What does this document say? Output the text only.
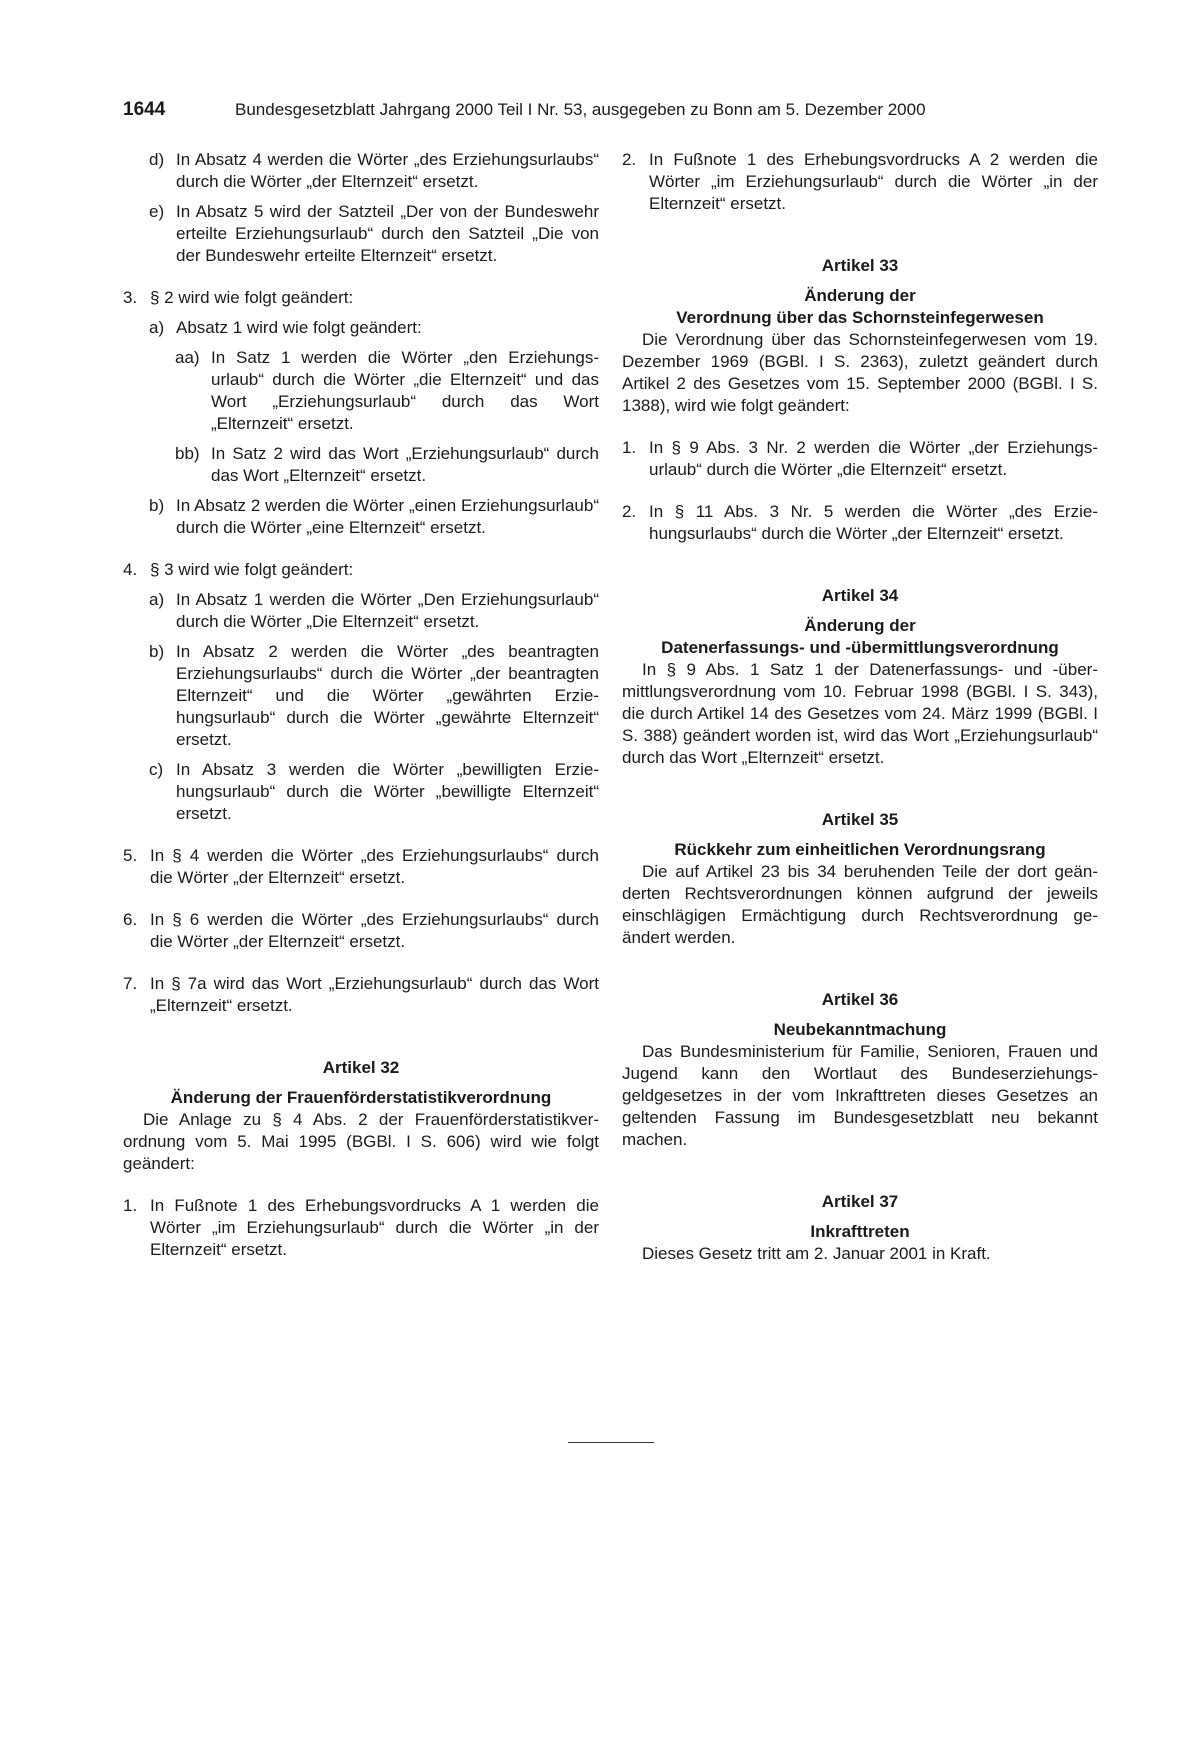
1644	Bundesgesetzblatt Jahrgang 2000 Teil I Nr. 53, ausgegeben zu Bonn am 5. Dezember 2000
d) In Absatz 4 werden die Wörter „des Erziehungsurlaubs“ durch die Wörter „der Elternzeit“ ersetzt.
e) In Absatz 5 wird der Satzteil „Der von der Bundeswehr erteilte Erziehungsurlaub“ durch den Satzteil „Die von der Bundeswehr erteilte Elternzeit“ ersetzt.
3. § 2 wird wie folgt geändert:
a) Absatz 1 wird wie folgt geändert:
aa) In Satz 1 werden die Wörter „den Erziehungsurlaub“ durch die Wörter „die Elternzeit“ und das Wort „Erziehungsurlaub“ durch das Wort „Elternzeit“ ersetzt.
bb) In Satz 2 wird das Wort „Erziehungsurlaub“ durch das Wort „Elternzeit“ ersetzt.
b) In Absatz 2 werden die Wörter „einen Erziehungsurlaub“ durch die Wörter „eine Elternzeit“ ersetzt.
4. § 3 wird wie folgt geändert:
a) In Absatz 1 werden die Wörter „Den Erziehungsurlaub“ durch die Wörter „Die Elternzeit“ ersetzt.
b) In Absatz 2 werden die Wörter „des beantragten Erziehungsurlaubs“ durch die Wörter „der beantragten Elternzeit“ und die Wörter „gewährten Erziehungsurlaub“ durch die Wörter „gewährte Elternzeit“ ersetzt.
c) In Absatz 3 werden die Wörter „bewilligten Erziehungsurlaub“ durch die Wörter „bewilligte Elternzeit“ ersetzt.
5. In § 4 werden die Wörter „des Erziehungsurlaubs“ durch die Wörter „der Elternzeit“ ersetzt.
6. In § 6 werden die Wörter „des Erziehungsurlaubs“ durch die Wörter „der Elternzeit“ ersetzt.
7. In § 7a wird das Wort „Erziehungsurlaub“ durch das Wort „Elternzeit“ ersetzt.
Artikel 32
Änderung der Frauenförderstatistikverordnung
Die Anlage zu § 4 Abs. 2 der Frauenförderstatistikverordnung vom 5. Mai 1995 (BGBl. I S. 606) wird wie folgt geändert:
1. In Fußnote 1 des Erhebungsvordrucks A 1 werden die Wörter „im Erziehungsurlaub“ durch die Wörter „in der Elternzeit“ ersetzt.
2. In Fußnote 1 des Erhebungsvordrucks A 2 werden die Wörter „im Erziehungsurlaub“ durch die Wörter „in der Elternzeit“ ersetzt.
Artikel 33
Änderung der
Verordnung über das Schornsteinfegerwesen
Die Verordnung über das Schornsteinfegerwesen vom 19. Dezember 1969 (BGBl. I S. 2363), zuletzt geändert durch Artikel 2 des Gesetzes vom 15. September 2000 (BGBl. I S. 1388), wird wie folgt geändert:
1. In § 9 Abs. 3 Nr. 2 werden die Wörter „der Erziehungsurlaub“ durch die Wörter „die Elternzeit“ ersetzt.
2. In § 11 Abs. 3 Nr. 5 werden die Wörter „des Erziehungsurlaubs“ durch die Wörter „der Elternzeit“ ersetzt.
Artikel 34
Änderung der
Datenerfassungs- und -übermittlungsverordnung
In § 9 Abs. 1 Satz 1 der Datenerfassungs- und -übermittlungsverordnung vom 10. Februar 1998 (BGBl. I S. 343), die durch Artikel 14 des Gesetzes vom 24. März 1999 (BGBl. I S. 388) geändert worden ist, wird das Wort „Erziehungsurlaub“ durch das Wort „Elternzeit“ ersetzt.
Artikel 35
Rückkehr zum einheitlichen Verordnungsrang
Die auf Artikel 23 bis 34 beruhenden Teile der dort geänderten Rechtsverordnungen können aufgrund der jeweils einschlägigen Ermächtigung durch Rechtsverordnung geändert werden.
Artikel 36
Neubekanntmachung
Das Bundesministerium für Familie, Senioren, Frauen und Jugend kann den Wortlaut des Bundeserziehungsgeldgesetzes in der vom Inkrafttreten dieses Gesetzes an geltenden Fassung im Bundesgesetzblatt neu bekannt machen.
Artikel 37
Inkrafttreten
Dieses Gesetz tritt am 2. Januar 2001 in Kraft.
